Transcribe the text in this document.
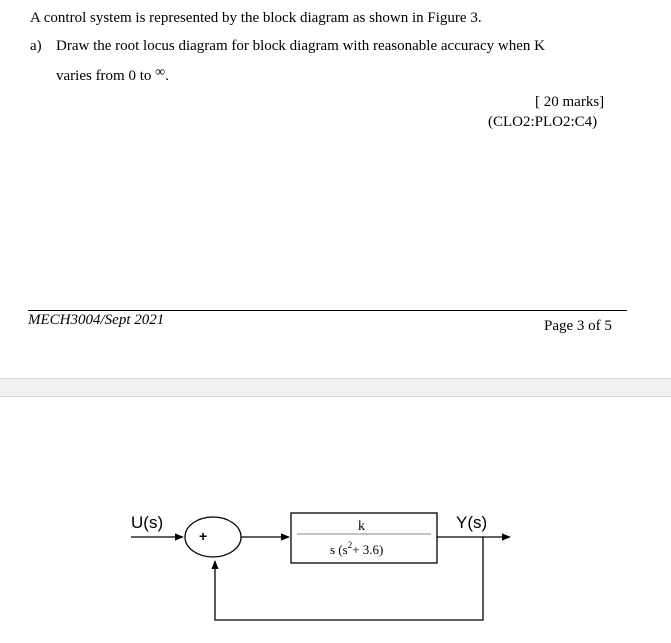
A control system is represented by the block diagram as shown in Figure 3.
a) Draw the root locus diagram for block diagram with reasonable accuracy when K
varies from 0 to ∞.
[ 20 marks]
(CLO2:PLO2:C4)
MECH3004/Sept 2021	Page 3 of 5
U(s)
+
k
s $(s^2+ 3.6)$
Y(s)
